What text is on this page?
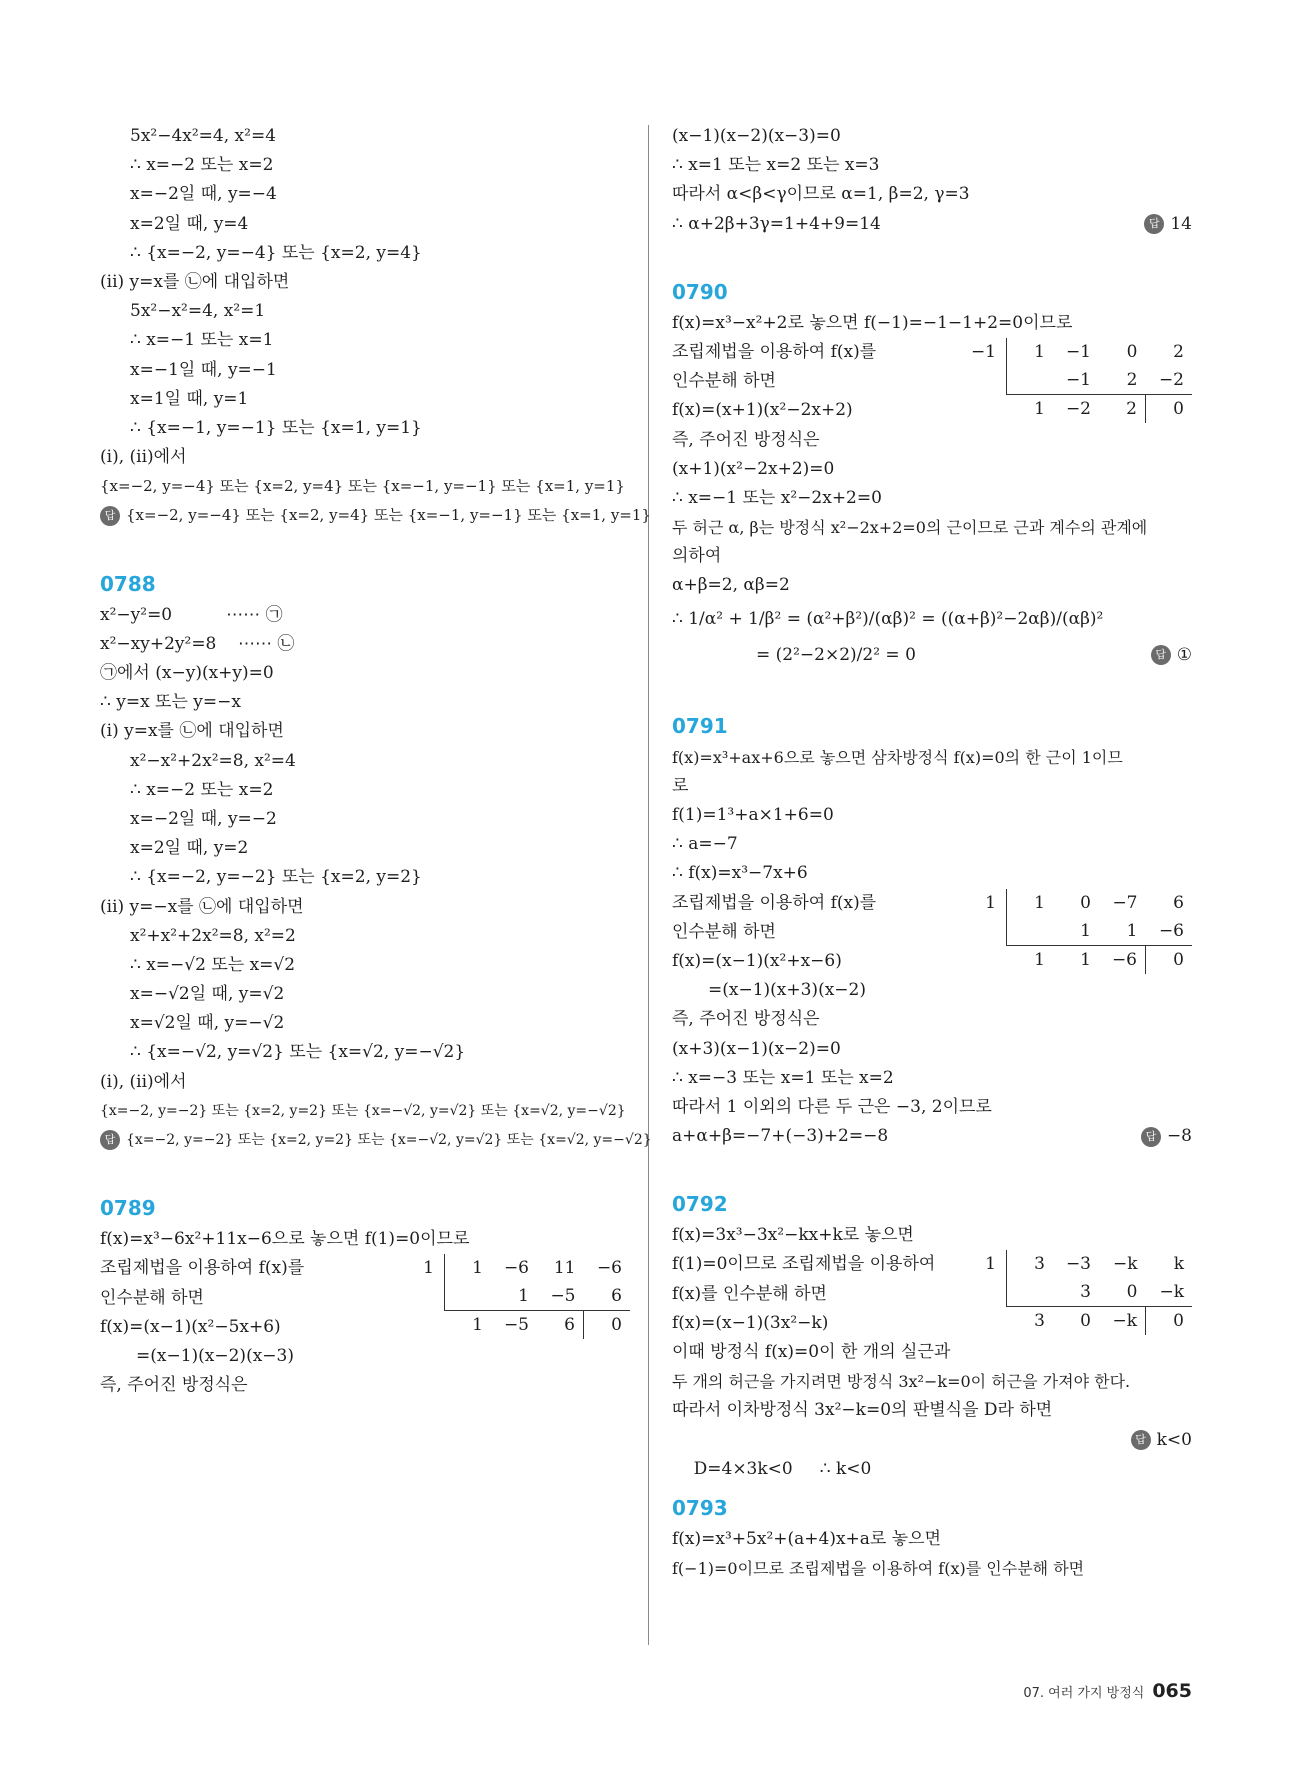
5x²−4x²=4, x²=4
∴ x=−2 또는 x=2
x=−2일 때, y=−4
x=2일 때, y=4
∴ {x=−2, y=−4} 또는 {x=2, y=4}
(ii) y=x를 ㉡에 대입하면
5x²−x²=4, x²=1
∴ x=−1 또는 x=1
x=−1일 때, y=−1
x=1일 때, y=1
∴ {x=−1, y=−1} 또는 {x=1, y=1}
(i), (ii)에서
{x=−2, y=−4} 또는 {x=2, y=4} 또는 {x=−1, y=−1} 또는 {x=1, y=1}
답 {x=−2, y=−4} 또는 {x=2, y=4} 또는 {x=−1, y=−1} 또는 {x=1, y=1}
0788
x²−y²=0          ⋯⋯ ㉠
x²−xy+2y²=8    ⋯⋯ ㉡
㉠에서 (x−y)(x+y)=0
∴ y=x 또는 y=−x
(i) y=x를 ㉡에 대입하면
x²−x²+2x²=8, x²=4
∴ x=−2 또는 x=2
x=−2일 때, y=−2
x=2일 때, y=2
∴ {x=−2, y=−2} 또는 {x=2, y=2}
(ii) y=−x를 ㉡에 대입하면
x²+x²+2x²=8, x²=2
∴ x=−√2 또는 x=√2
x=−√2일 때, y=√2
x=√2일 때, y=−√2
∴ {x=−√2, y=√2} 또는 {x=√2, y=−√2}
(i), (ii)에서
{x=−2, y=−2} 또는 {x=2, y=2} 또는 {x=−√2, y=√2} 또는 {x=√2, y=−√2}
답 {x=−2, y=−2} 또는 {x=2, y=2} 또는 {x=−√2, y=√2} 또는 {x=√2, y=−√2}
0789
f(x)=x³−6x²+11x−6으로 놓으면 f(1)=0이므로
조립제법을 이용하여 f(x)를
인수분해 하면
f(x)=(x−1)(x²−5x+6)
1	1	−6	11	−6
		1	−5	6
	1	−5	6	0
=(x−1)(x−2)(x−3)
즉, 주어진 방정식은
(x−1)(x−2)(x−3)=0
∴ x=1 또는 x=2 또는 x=3
따라서 α<β<γ이므로 α=1, β=2, γ=3
∴ α+2β+3γ=1+4+9=14	답 14
0790
f(x)=x³−x²+2로 놓으면 f(−1)=−1−1+2=0이므로
조립제법을 이용하여 f(x)를
인수분해 하면
f(x)=(x+1)(x²−2x+2)
−1	1	−1	0	2
		−1	2	−2
	1	−2	2	0
즉, 주어진 방정식은
(x+1)(x²−2x+2)=0
∴ x=−1 또는 x²−2x+2=0
두 허근 α, β는 방정식 x²−2x+2=0의 근이므로 근과 계수의 관계에
의하여
α+β=2, αβ=2
∴ 1/α² + 1/β² = (α²+β²)/(αβ)² = ((α+β)²−2αβ)/(αβ)²
= (2²−2×2)/2² = 0	답 ①
0791
f(x)=x³+ax+6으로 놓으면 삼차방정식 f(x)=0의 한 근이 1이므
로
f(1)=1³+a×1+6=0
∴ a=−7
∴ f(x)=x³−7x+6
조립제법을 이용하여 f(x)를
인수분해 하면
f(x)=(x−1)(x²+x−6)
1	1	0	−7	6
		1	1	−6
	1	1	−6	0
=(x−1)(x+3)(x−2)
즉, 주어진 방정식은
(x+3)(x−1)(x−2)=0
∴ x=−3 또는 x=1 또는 x=2
따라서 1 이외의 다른 두 근은 −3, 2이므로
a+α+β=−7+(−3)+2=−8	답 −8
0792
f(x)=3x³−3x²−kx+k로 놓으면
f(1)=0이므로 조립제법을 이용하여
f(x)를 인수분해 하면
f(x)=(x−1)(3x²−k)
1	3	−3	−k	k
		3	0	−k
	3	0	−k	0
이때 방정식 f(x)=0이 한 개의 실근과
두 개의 허근을 가지려면 방정식 3x²−k=0이 허근을 가져야 한다.
따라서 이차방정식 3x²−k=0의 판별식을 D라 하면

D=4×3k<0     ∴ k<0

답 k<0

0793
f(x)=x³+5x²+(a+4)x+a로 놓으면
f(−1)=0이므로 조립제법을 이용하여 f(x)를 인수분해 하면
07. 여러 가지 방정식 065
